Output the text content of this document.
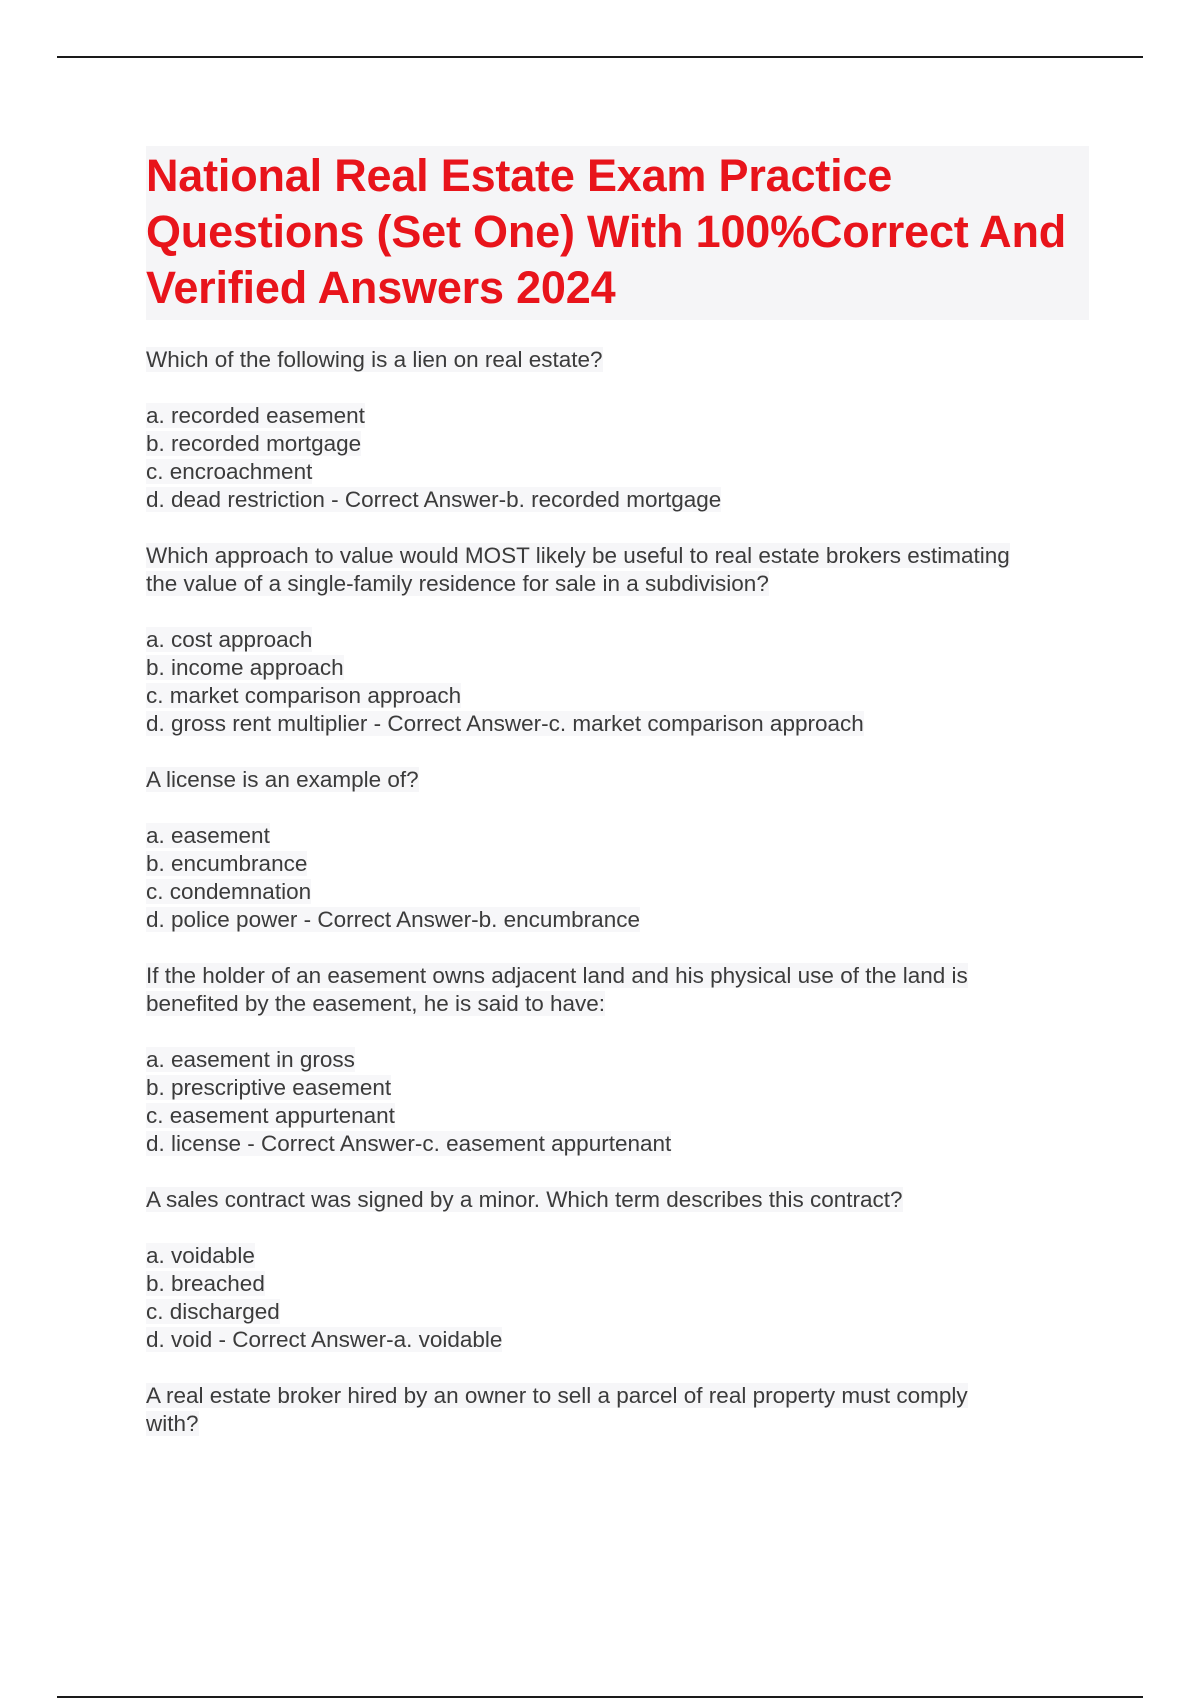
National Real Estate Exam Practice Questions (Set One) With 100%Correct And Verified Answers 2024
Which of the following is a lien on real estate?
a. recorded easement
b. recorded mortgage
c. encroachment
d. dead restriction - Correct Answer-b. recorded mortgage
Which approach to value would MOST likely be useful to real estate brokers estimating
the value of a single-family residence for sale in a subdivision?
a. cost approach
b. income approach
c. market comparison approach
d. gross rent multiplier - Correct Answer-c. market comparison approach
A license is an example of?
a. easement
b. encumbrance
c. condemnation
d. police power - Correct Answer-b. encumbrance
If the holder of an easement owns adjacent land and his physical use of the land is
benefited by the easement, he is said to have:
a. easement in gross
b. prescriptive easement
c. easement appurtenant
d. license - Correct Answer-c. easement appurtenant
A sales contract was signed by a minor. Which term describes this contract?
a. voidable
b. breached
c. discharged
d. void - Correct Answer-a. voidable
A real estate broker hired by an owner to sell a parcel of real property must comply
with?
